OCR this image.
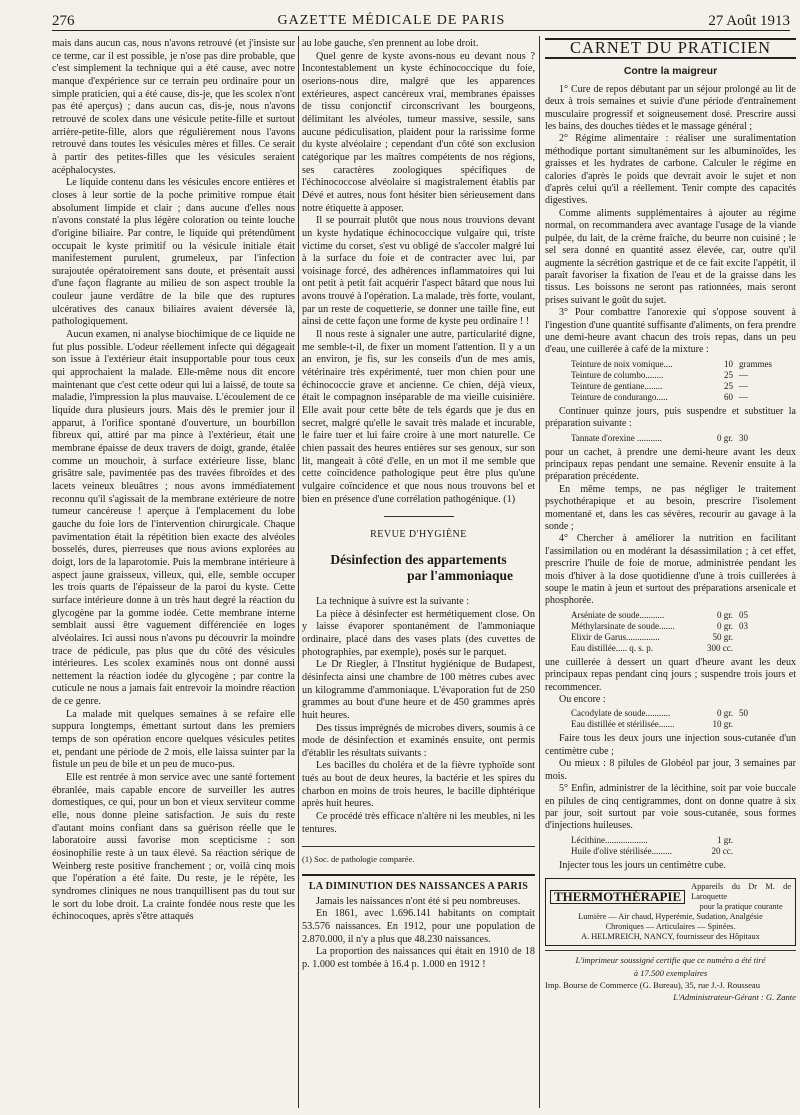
276	GAZETTE MÉDICALE DE PARIS	27 Août 1913

mais dans aucun cas, nous n'avons retrouvé (et j'insiste sur ce terme, car il est possible, je n'ose pas dire probable, que c'est simplement la technique qui a été cause, avec notre manque d'expérience sur ce terrain peu ordinaire pour un simple praticien, qui a été cause, dis-je, que les scolex n'ont pas été aperçus) ; dans aucun cas, dis-je, nous n'avons retrouvé de scolex dans une vésicule petite-fille et surtout arrière-petite-fille, alors que régulièrement nous l'avons retrouvé dans toutes les vésicules mères et filles. Ce serait à partir des petites-filles que les vésicules seraient acéphalocystes.

Le liquide contenu dans les vésicules encore entières et closes à leur sortie de la poche primitive rompue était absolument limpide et clair ; dans aucune d'elles nous n'avons constaté la plus légère coloration ou teinte louche d'origine biliaire. Par contre, le liquide qui prétendûment occupait le kyste primitif ou la vésicule initiale était manifestement purulent, grumeleux, par l'infection surajoutée opératoirement sans doute, et présentait aussi d'une façon flagrante au milieu de son aspect trouble la couleur jaune verdâtre de la bile que des ruptures ulcératives des canaux biliaires avaient déversée là, pathologiquement.

Aucun examen, ni analyse biochimique de ce liquide ne fut plus possible. L'odeur réellement infecte qui dégageait son issue à l'extérieur était insupportable pour tous ceux qui approchaient la malade. Elle-même nous dit encore maintenant que c'est cette odeur qui lui a laissé, de toute sa maladie, l'impression la plus mauvaise. L'écoulement de ce liquide dura plusieurs jours. Mais dès le premier jour il apparut, à l'orifice spontané d'ouverture, un bourbillon fibreux qui, attiré par ma pince à l'extérieur, était une membrane épaisse de deux travers de doigt, grande, étalée comme un mouchoir, à surface extérieure lisse, blanc grisâtre sale, pavimentée pas des travées fibroïdes et des lacets veineux bleuâtres ; nous avons immédiatement reconnu qu'il s'agissait de la membrane extérieure de notre tumeur cancéreuse ! aperçue à l'emplacement du lobe gauche du foie lors de l'intervention chirurgicale. Chaque pavimentation était la répétition bien exacte des alvéoles bosselés, dures, pierreuses que nous avions explorées au doigt, lors de la laparotomie. Puis la membrane intérieure à aspect jaune graisseux, villeux, qui, elle, semble occuper les trois quarts de l'épaisseur de la paroi du kyste. Cette surface intérieure donne à un très haut degré la réaction du glycogène par la gomme iodée. Cette membrane interne semblait aussi être vaguement différenciée en loges alvéolaires. Ici aussi nous n'avons pu découvrir la moindre trace de pédicule, pas plus que du côté des vésicules intérieures. Les scolex examinés nous ont donné aussi nettement la réaction iodée du glycogène ; par contre la cuticule ne nous a jamais fait entrevoir la moindre réaction de ce genre.

La malade mit quelques semaines à se refaire elle suppura longtemps, émettant surtout dans les premiers temps de son opération encore quelques vésicules petites et, pendant une période de 2 mois, elle laissa suinter par la fistule un peu de bile et un peu de muco-pus.

Elle est rentrée à mon service avec une santé fortement ébranlée, mais capable encore de surveiller les autres domestiques, ce qui, pour un bon et vieux serviteur comme elle, nous donne pleine satisfaction. Je suis du reste d'autant moins confiant dans sa guérison réelle que le laboratoire aussi favorise mon scepticisme : son éosinophilie reste à un taux élevé. Sa réaction sérique de Weinberg reste positive franchement ; or, voilà cinq mois que l'opération a été faite. Du reste, je le répète, les syndromes cliniques ne nous tranquillisent pas du tout sur le sort du lobe droit. La crainte fondée nous reste que les échinocoques, après s'être attaqués

au lobe gauche, s'en prennent au lobe droit.

Quel genre de kyste avons-nous eu devant nous ? Incontestablement un kyste échinococcique du foie, oserions-nous dire, malgré que les apparences extérieures, aspect cancéreux vrai, membranes épaisses de tissu conjonctif circonscrivant les bourgeons, délimitant les alvéoles, tumeur massive, sessile, sans aucune pédiculisation, plaident pour la rarissime forme du kyste alvéolaire ; cependant d'un côté son exclusion catégorique par les maîtres compétents de nos régions, ses caractères zoologiques spécifiques de l'échinococcose alvéolaire si magistralement établis par Dévé et autres, nous font hésiter bien sérieusement dans notre étiquette à apposer.

Il se pourrait plutôt que nous nous trouvions devant un kyste hydatique échinococcique vulgaire qui, triste victime du corset, s'est vu obligé de s'accoler malgré lui à la surface du foie et de contracter avec lui, par voisinage forcé, des adhérences inflammatoires qui lui ont petit à petit fait acquérir l'aspect bâtard que nous lui avons trouvé à l'opération. La malade, très forte, voulant, par un reste de coquetterie, se donner une taille fine, eut ainsi de cette façon une forme de kyste peu ordinaire ! !

Il nous reste à signaler une autre, particularité digne, me semble-t-il, de fixer un moment l'attention. Il y a un an environ, je fis, sur les conseils d'un de mes amis, vétérinaire très expérimenté, tuer mon chien pour une échinococcie grave et ancienne. Ce chien, déjà vieux, était le compagnon inséparable de ma vieille cuisinière. Elle avait pour cette bête de tels égards que je dus en secret, malgré qu'elle le savait très malade et incurable, le faire tuer et lui faire croire à une mort naturelle. Ce chien passait des heures entières sur ses genoux, sur son lit, mangeait à côté d'elle, en un mot il me semble que cette coïncidence pathologique peut être plus qu'une vulgaire coïncidence et que nous nous trouvons bel et bien en présence d'une corrélation pathogénique. (1)

REVUE D'HYGIÈNE
Désinfection des appartements
par l'ammoniaque

La technique à suivre est la suivante :

La pièce à désinfecter est hermétiquement close. On y laisse évaporer spontanément de l'ammoniaque ordinaire, placé dans des vases plats (des cuvettes de photographies, par exemple), posés sur le parquet.

Le Dr Riegler, à l'Institut hygiénique de Budapest, désinfecta ainsi une chambre de 100 mètres cubes avec un kilogramme d'ammoniaque. L'évaporation fut de 250 grammes au bout d'une heure et de 450 grammes après huit heures.

Des tissus imprégnés de microbes divers, soumis à ce mode de désinfection et examinés ensuite, ont permis d'établir les résultats suivants :

Les bacilles du choléra et de la fièvre typhoïde sont tués au bout de deux heures, la bactérie et les spires du charbon en moins de trois heures, le bacille diphtérique après huit heures.

Ce procédé très efficace n'altère ni les meubles, ni les tentures.

(1) Soc. de pathologie comparée.
LA DIMINUTION DES NAISSANCES A PARIS

Jamais les naissances n'ont été si peu nombreuses.

En 1861, avec 1.696.141 habitants on comptait 53.576 naissances. En 1912, pour une population de 2.870.000, il n'y a plus que 48.230 naissances.

La proportion des naissances qui était en 1910 de 18 p. 1.000 est tombée à 16.4 p. 1.000 en 1912 !

CARNET DU PRATICIEN
Contre la maigreur

1° Cure de repos débutant par un séjour prolongé au lit de deux à trois semaines et suivie d'une période d'entraînement musculaire progressif et soigneusement dosé. Prescrire aussi les bains, des douches tièdes et le massage général ;

2° Régime alimentaire : réaliser une suralimentation méthodique portant simultanément sur les albuminoïdes, les graisses et les hydrates de carbone. Calculer le régime en calories d'après le poids que devrait avoir le sujet et non d'après celui qu'il a réellement. Tenir compte des capacités digestives.

Comme aliments supplémentaires à ajouter au régime normal, on recommandera avec avantage l'usage de la viande pulpée, du lait, de la crème fraîche, du beurre non cuisiné ; le sel sera donné en quantité assez élevée, car, outre qu'il augmente la sécrétion gastrique et de ce fait excite l'appétit, il paraît favoriser la fixation de l'eau et de la graisse dans les tissus. Les boissons ne seront pas rationnées, mais seront prises suivant le goût du sujet.

3° Pour combattre l'anorexie qui s'oppose souvent à l'ingestion d'une quantité suffisante d'aliments, on fera prendre une demi-heure avant chacun des trois repas, dans un peu d'eau, une cuillerée à café de la mixture :

Teinture de noix vomique....	10 grammes
Teinture de columbo........	25 —
Teinture de gentiane........	25 —
Teinture de condurango.....	60 —

Continuer quinze jours, puis suspendre et substituer la préparation suivante :

Tannate d'orexine ...........	0 gr. 30

pour un cachet, à prendre une demi-heure avant les deux principaux repas pendant une semaine. Revenir ensuite à la préparation précédente.

En même temps, ne pas négliger le traitement psychothérapique et au besoin, prescrire l'isolement momentané et, dans les cas sévères, recourir au gavage à la sonde ;

4° Chercher à améliorer la nutrition en facilitant l'assimilation ou en modérant la désassimilation ; à cet effet, prescrire l'huile de foie de morue, administrée pendant les mois d'hiver à la dose quotidienne d'une à trois cuillerées à soupe le matin à jeun et surtout des préparations arsenicale et phosphorée.

Arséniate de soude...........	0 gr. 05
Méthylarsinate de soude.......	0 gr. 03
Elixir de Garus...............	50 gr.
Eau distillée..... q. s. p.	300 cc.

une cuillerée à dessert un quart d'heure avant les deux principaux repas pendant cinq jours ; suspendre trois jours et recommencer.

Ou encore :

Cacodylate de soude...........	0 gr. 50
Eau distillée et stérilisée.......	10 gr.

Faire tous les deux jours une injection sous-cutanée d'un centimètre cube ;

Ou mieux : 8 pilules de Globéol par jour, 3 semaines par mois.

5° Enfin, administrer de la lécithine, soit par voie buccale en pilules de cinq centigrammes, dont on donne quatre à six par jour, soit surtout par voie sous-cutanée, sous formes d'injections huileuses.

Lécithine...................	1 gr.
Huile d'olive stérilisée.........	20 cc.

Injecter tous les jours un centimètre cube.

THERMOTHÉRAPIE
Appareils du Dr M. de Laroquette
pour la pratique courante
Lumière — Air chaud, Hyperémie, Sudation, Analgésie
Chroniques — Articulaires — Spinées.
A. HELMREICH, NANCY, fournisseur des Hôpitaux
L'imprimeur soussigné certifie que ce numéro a été tiré
à 17.500 exemplaires
Imp. Bourse de Commerce (G. Bureau), 35, rue J.-J. Rousseau
L'Administrateur-Gérant : G. Zante
